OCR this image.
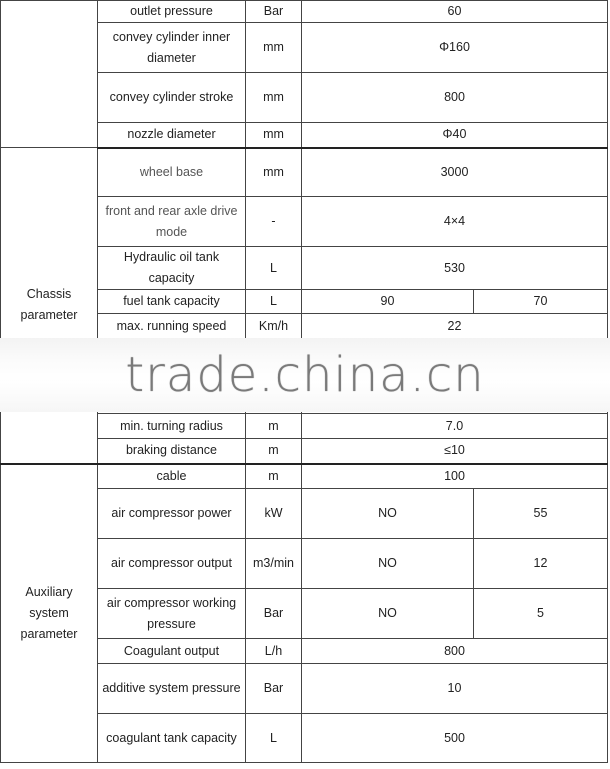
	outlet pressure	Bar	60	
	convey cylinder inner diameter	mm	Φ160	
	convey cylinder stroke	mm	800	
	nozzle diameter	mm	Φ40	
Chassis parameter	wheel base	mm	3000	
	front and rear axle drive mode	-	4×4	
	Hydraulic oil tank capacity	L	530	
	fuel tank capacity	L	90	70
	max. running speed	Km/h	22	

	min. turning radius	m	7.0	
	braking distance	m	≤10	
Auxiliary system parameter	cable	m	100	
	air compressor power	kW	NO	55
	air compressor output	m3/min	NO	12
	air compressor working pressure	Bar	NO	5
	Coagulant output	L/h	800	
	additive system pressure	Bar	10	
	coagulant tank capacity	L	500	
trade.china.cn
